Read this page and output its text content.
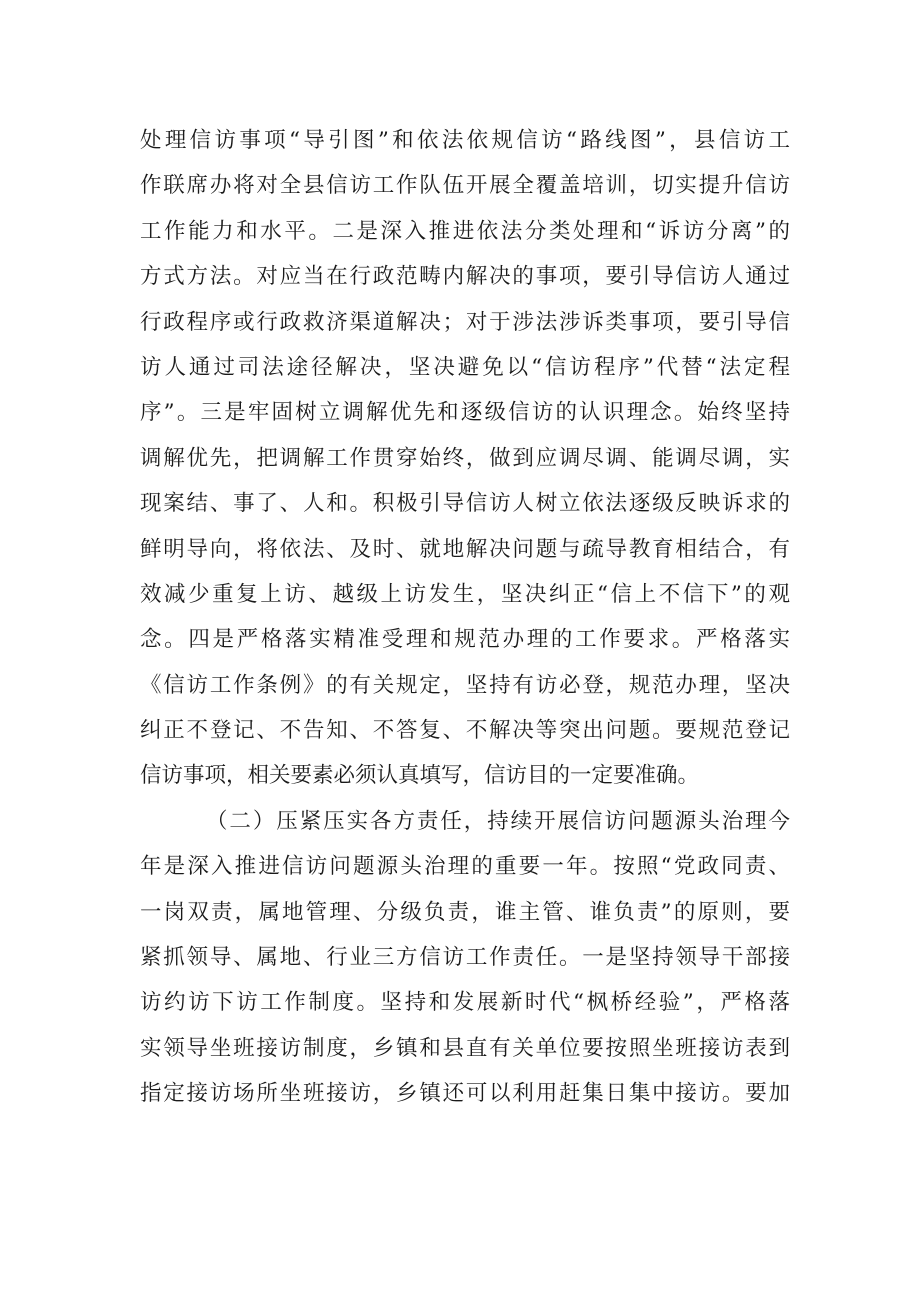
处理信访事项“导引图”和依法依规信访“路线图”，县信访工
作联席办将对全县信访工作队伍开展全覆盖培训，切实提升信访
工作能力和水平。二是深入推进依法分类处理和“诉访分离”的
方式方法。对应当在行政范畴内解决的事项，要引导信访人通过
行政程序或行政救济渠道解决；对于涉法涉诉类事项，要引导信
访人通过司法途径解决，坚决避免以“信访程序”代替“法定程
序”。三是牢固树立调解优先和逐级信访的认识理念。始终坚持
调解优先，把调解工作贯穿始终，做到应调尽调、能调尽调，实
现案结、事了、人和。积极引导信访人树立依法逐级反映诉求的
鲜明导向，将依法、及时、就地解决问题与疏导教育相结合，有
效减少重复上访、越级上访发生，坚决纠正“信上不信下”的观
念。四是严格落实精准受理和规范办理的工作要求。严格落实
《信访工作条例》的有关规定，坚持有访必登，规范办理，坚决
纠正不登记、不告知、不答复、不解决等突出问题。要规范登记
信访事项，相关要素必须认真填写，信访目的一定要准确。
（二）压紧压实各方责任，持续开展信访问题源头治理今
年是深入推进信访问题源头治理的重要一年。按照“党政同责、
一岗双责，属地管理、分级负责，谁主管、谁负责”的原则，要
紧抓领导、属地、行业三方信访工作责任。一是坚持领导干部接
访约访下访工作制度。坚持和发展新时代“枫桥经验”，严格落
实领导坐班接访制度，乡镇和县直有关单位要按照坐班接访表到
指定接访场所坐班接访，乡镇还可以利用赶集日集中接访。要加
